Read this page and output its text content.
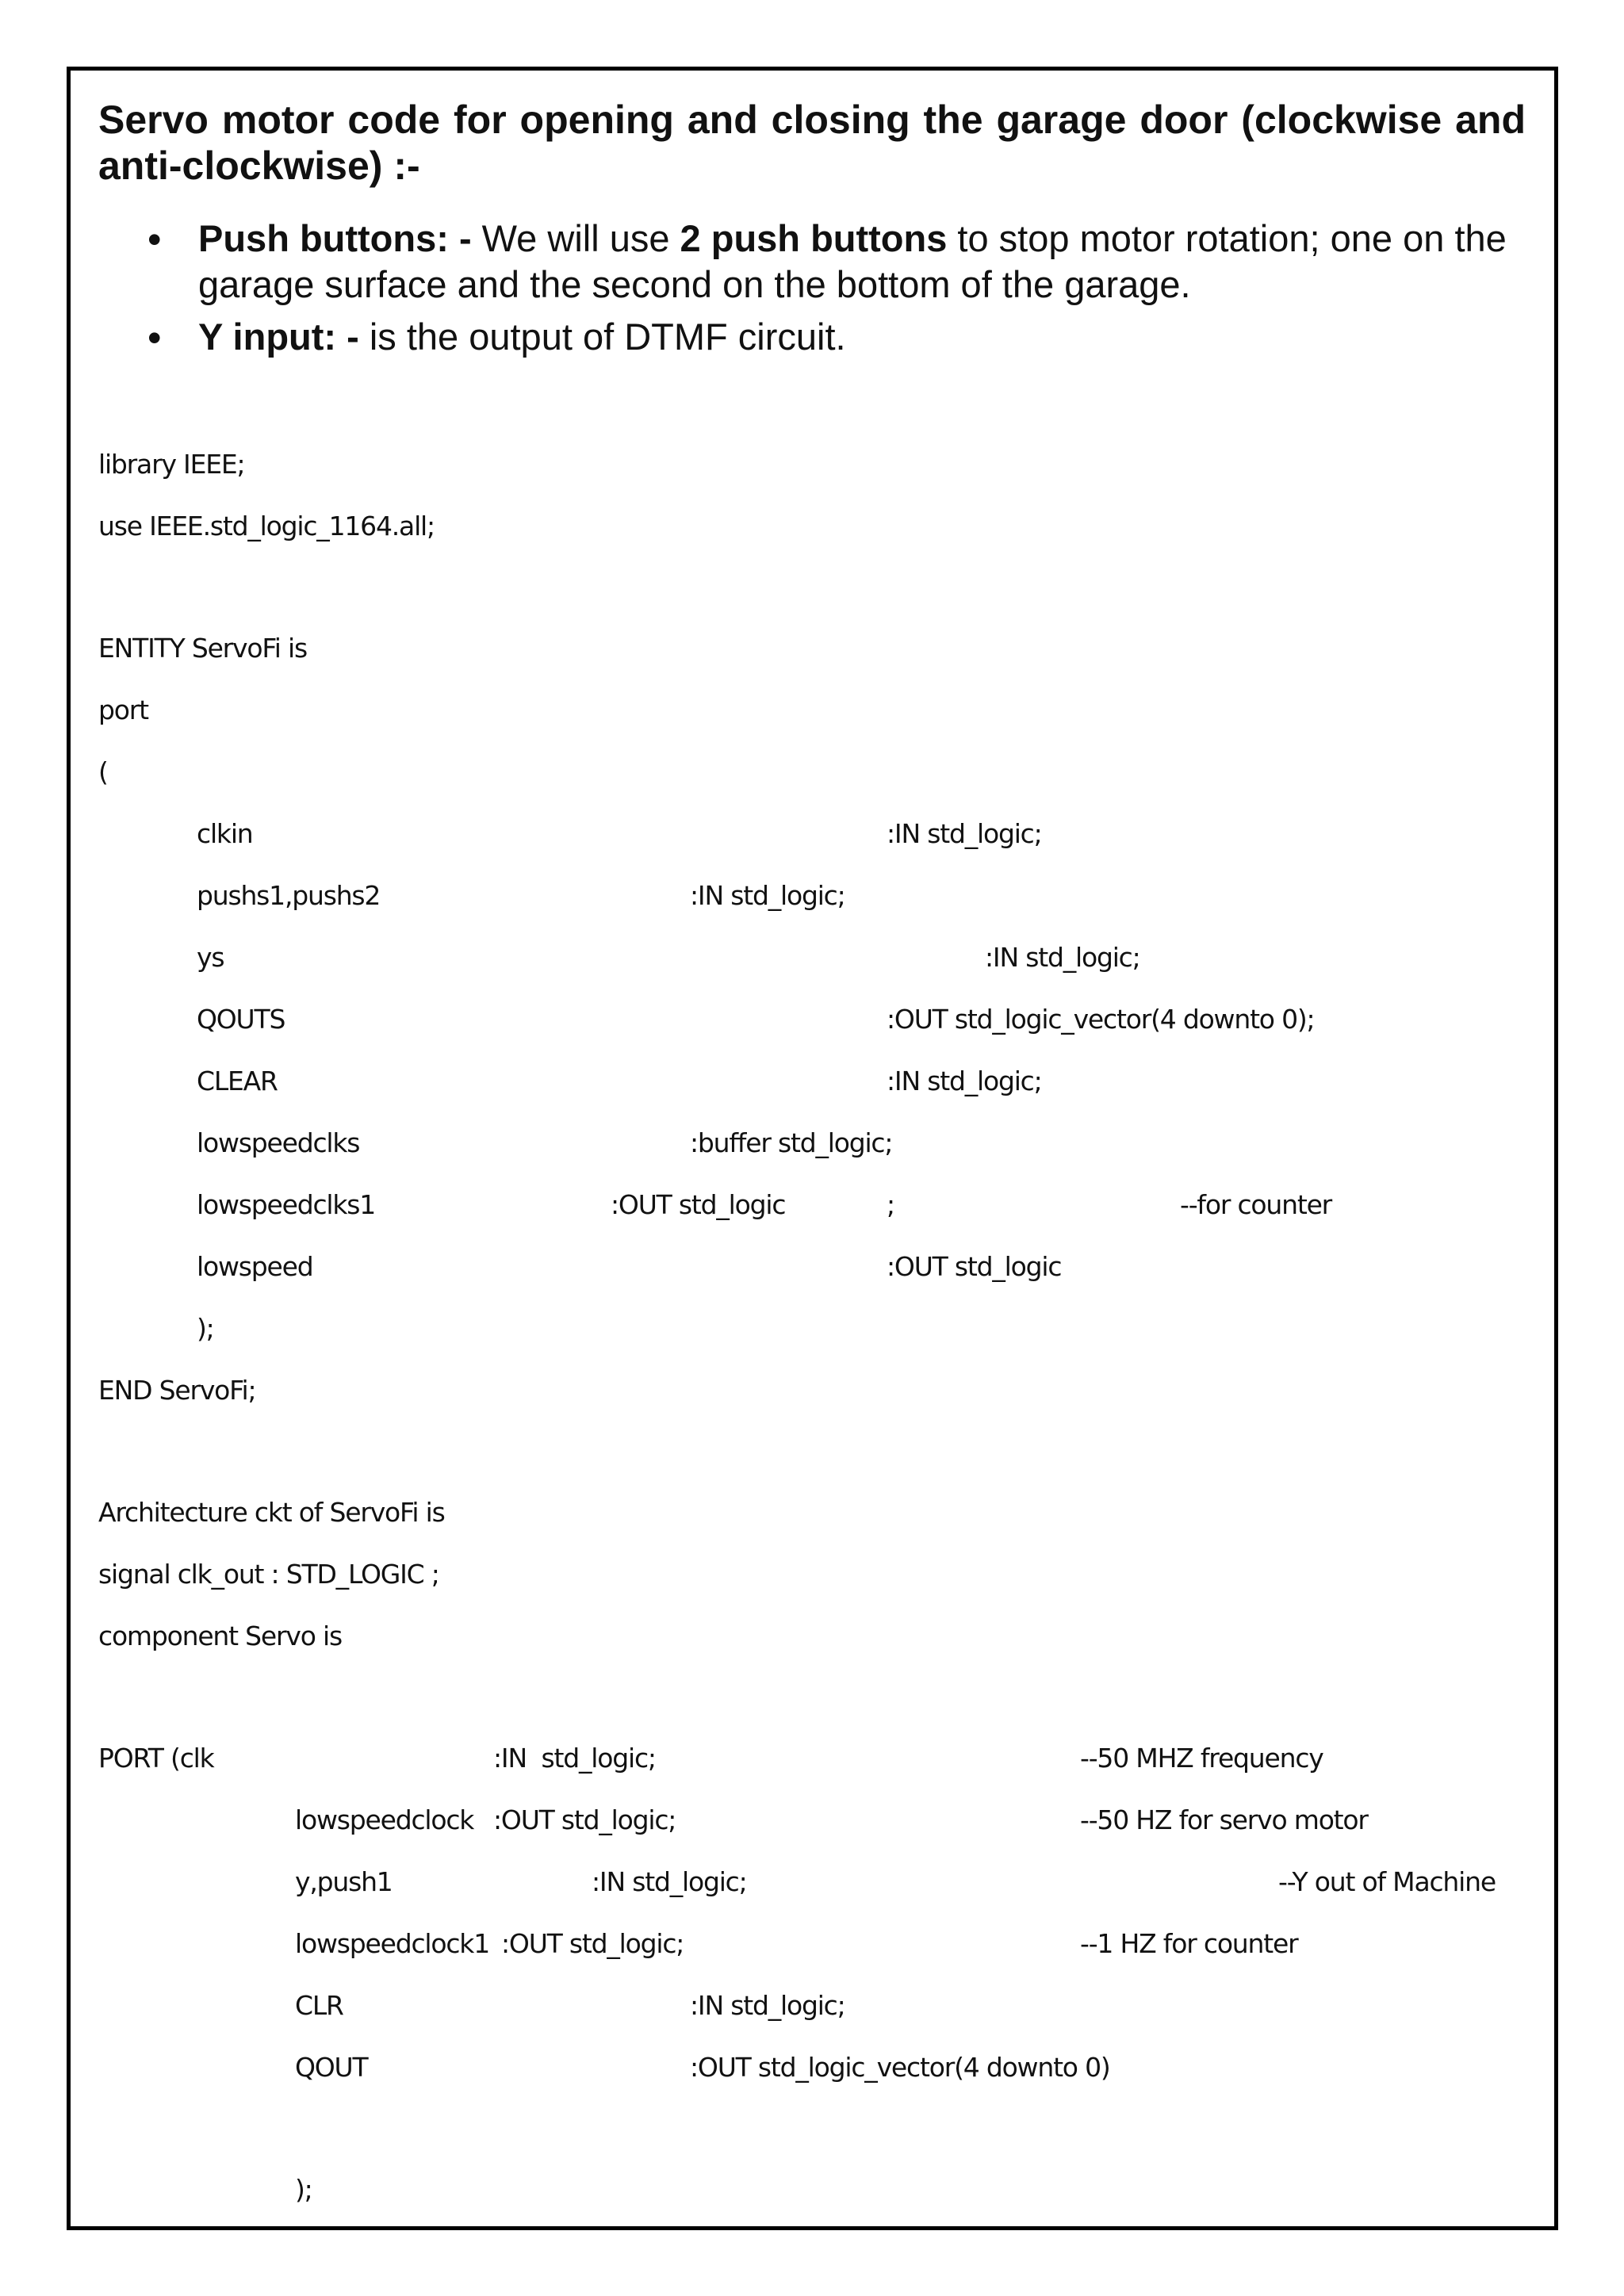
Servo motor code for opening and closing the garage door (clockwise and
anti-clockwise) :-
• Push buttons: - We will use 2 push buttons to stop motor rotation; one on the garage surface and the second on the bottom of the garage.
• Y input: - is the output of DTMF circuit.
library IEEE;
use IEEE.std_logic_1164.all;
ENTITY ServoFi is
port
(
clkin	:IN std_logic;
pushs1,pushs2	:IN std_logic;
ys	:IN std_logic;
QOUTS	:OUT std_logic_vector(4 downto 0);
CLEAR	:IN std_logic;
lowspeedclks	:buffer std_logic;
lowspeedclks1	:OUT std_logic	;	--for counter
lowspeed	:OUT std_logic
);
END ServoFi;
Architecture ckt of ServoFi is
signal clk_out : STD_LOGIC ;
component Servo is
PORT (clk	:IN  std_logic;	--50 MHZ frequency
lowspeedclock :OUT std_logic;	--50 HZ for servo motor
y,push1	:IN std_logic;	--Y out of Machine
lowspeedclock1 :OUT std_logic;	--1 HZ for counter
CLR	:IN std_logic;
QOUT	:OUT std_logic_vector(4 downto 0)
);
